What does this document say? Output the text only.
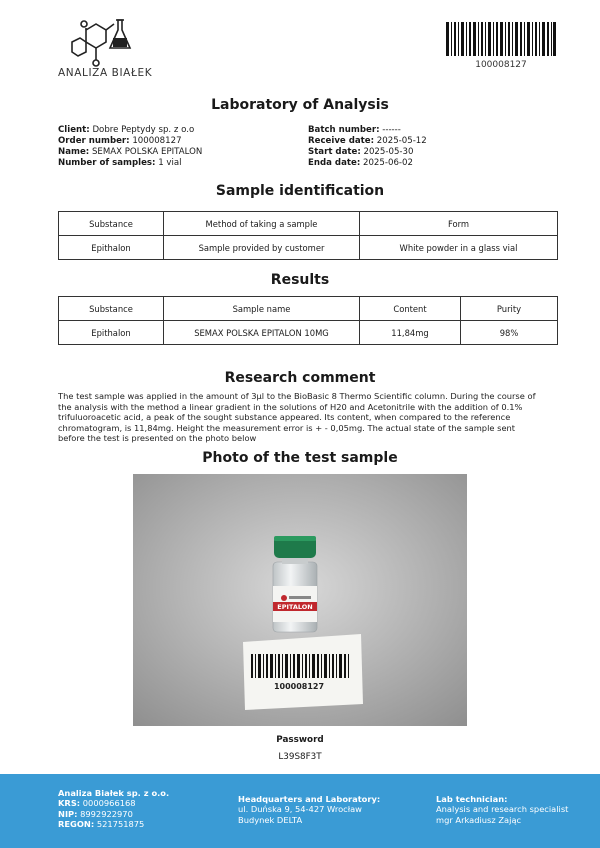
ANALIZA BIAŁEK
100008127
Laboratory of Analysis
Client: Dobre Peptydy sp. z o.o
Order number: 100008127
Name: SEMAX POLSKA EPITALON
Number of samples: 1 vial
Batch number: ------
Receive date: 2025-05-12
Start date: 2025-05-30
Enda date: 2025-06-02
Sample identification
Substance	Method of taking a sample	Form
Epithalon	Sample provided by customer	White powder in a glass vial
Results
Substance	Sample name	Content	Purity
Epithalon	SEMAX POLSKA EPITALON 10MG	11,84mg	98%
Research comment
The test sample was applied in the amount of 3µl to the BioBasic 8 Thermo Scientific column. During the course of the analysis with the method a linear gradient in the solutions of H20 and Acetonitrile with the addition of 0.1% trifuluoroacetic acid, a peak of the sought substance appeared. Its content, when compared to the reference chromatogram, is 11,84mg. Height the measurement error is + - 0,05mg. The actual state of the sample sent before the test is presented on the photo below
Photo of the test sample
100008127
EPITALON
Password
L39S8F3T
Analiza Białek sp. z o.o.
KRS: 0000966168
NIP: 8992922970
REGON: 521751875
Headquarters and Laboratory:
ul. Duńska 9, 54-427 Wrocław
Budynek DELTA
Lab technician:
Analysis and research specialist
mgr Arkadiusz Zając
